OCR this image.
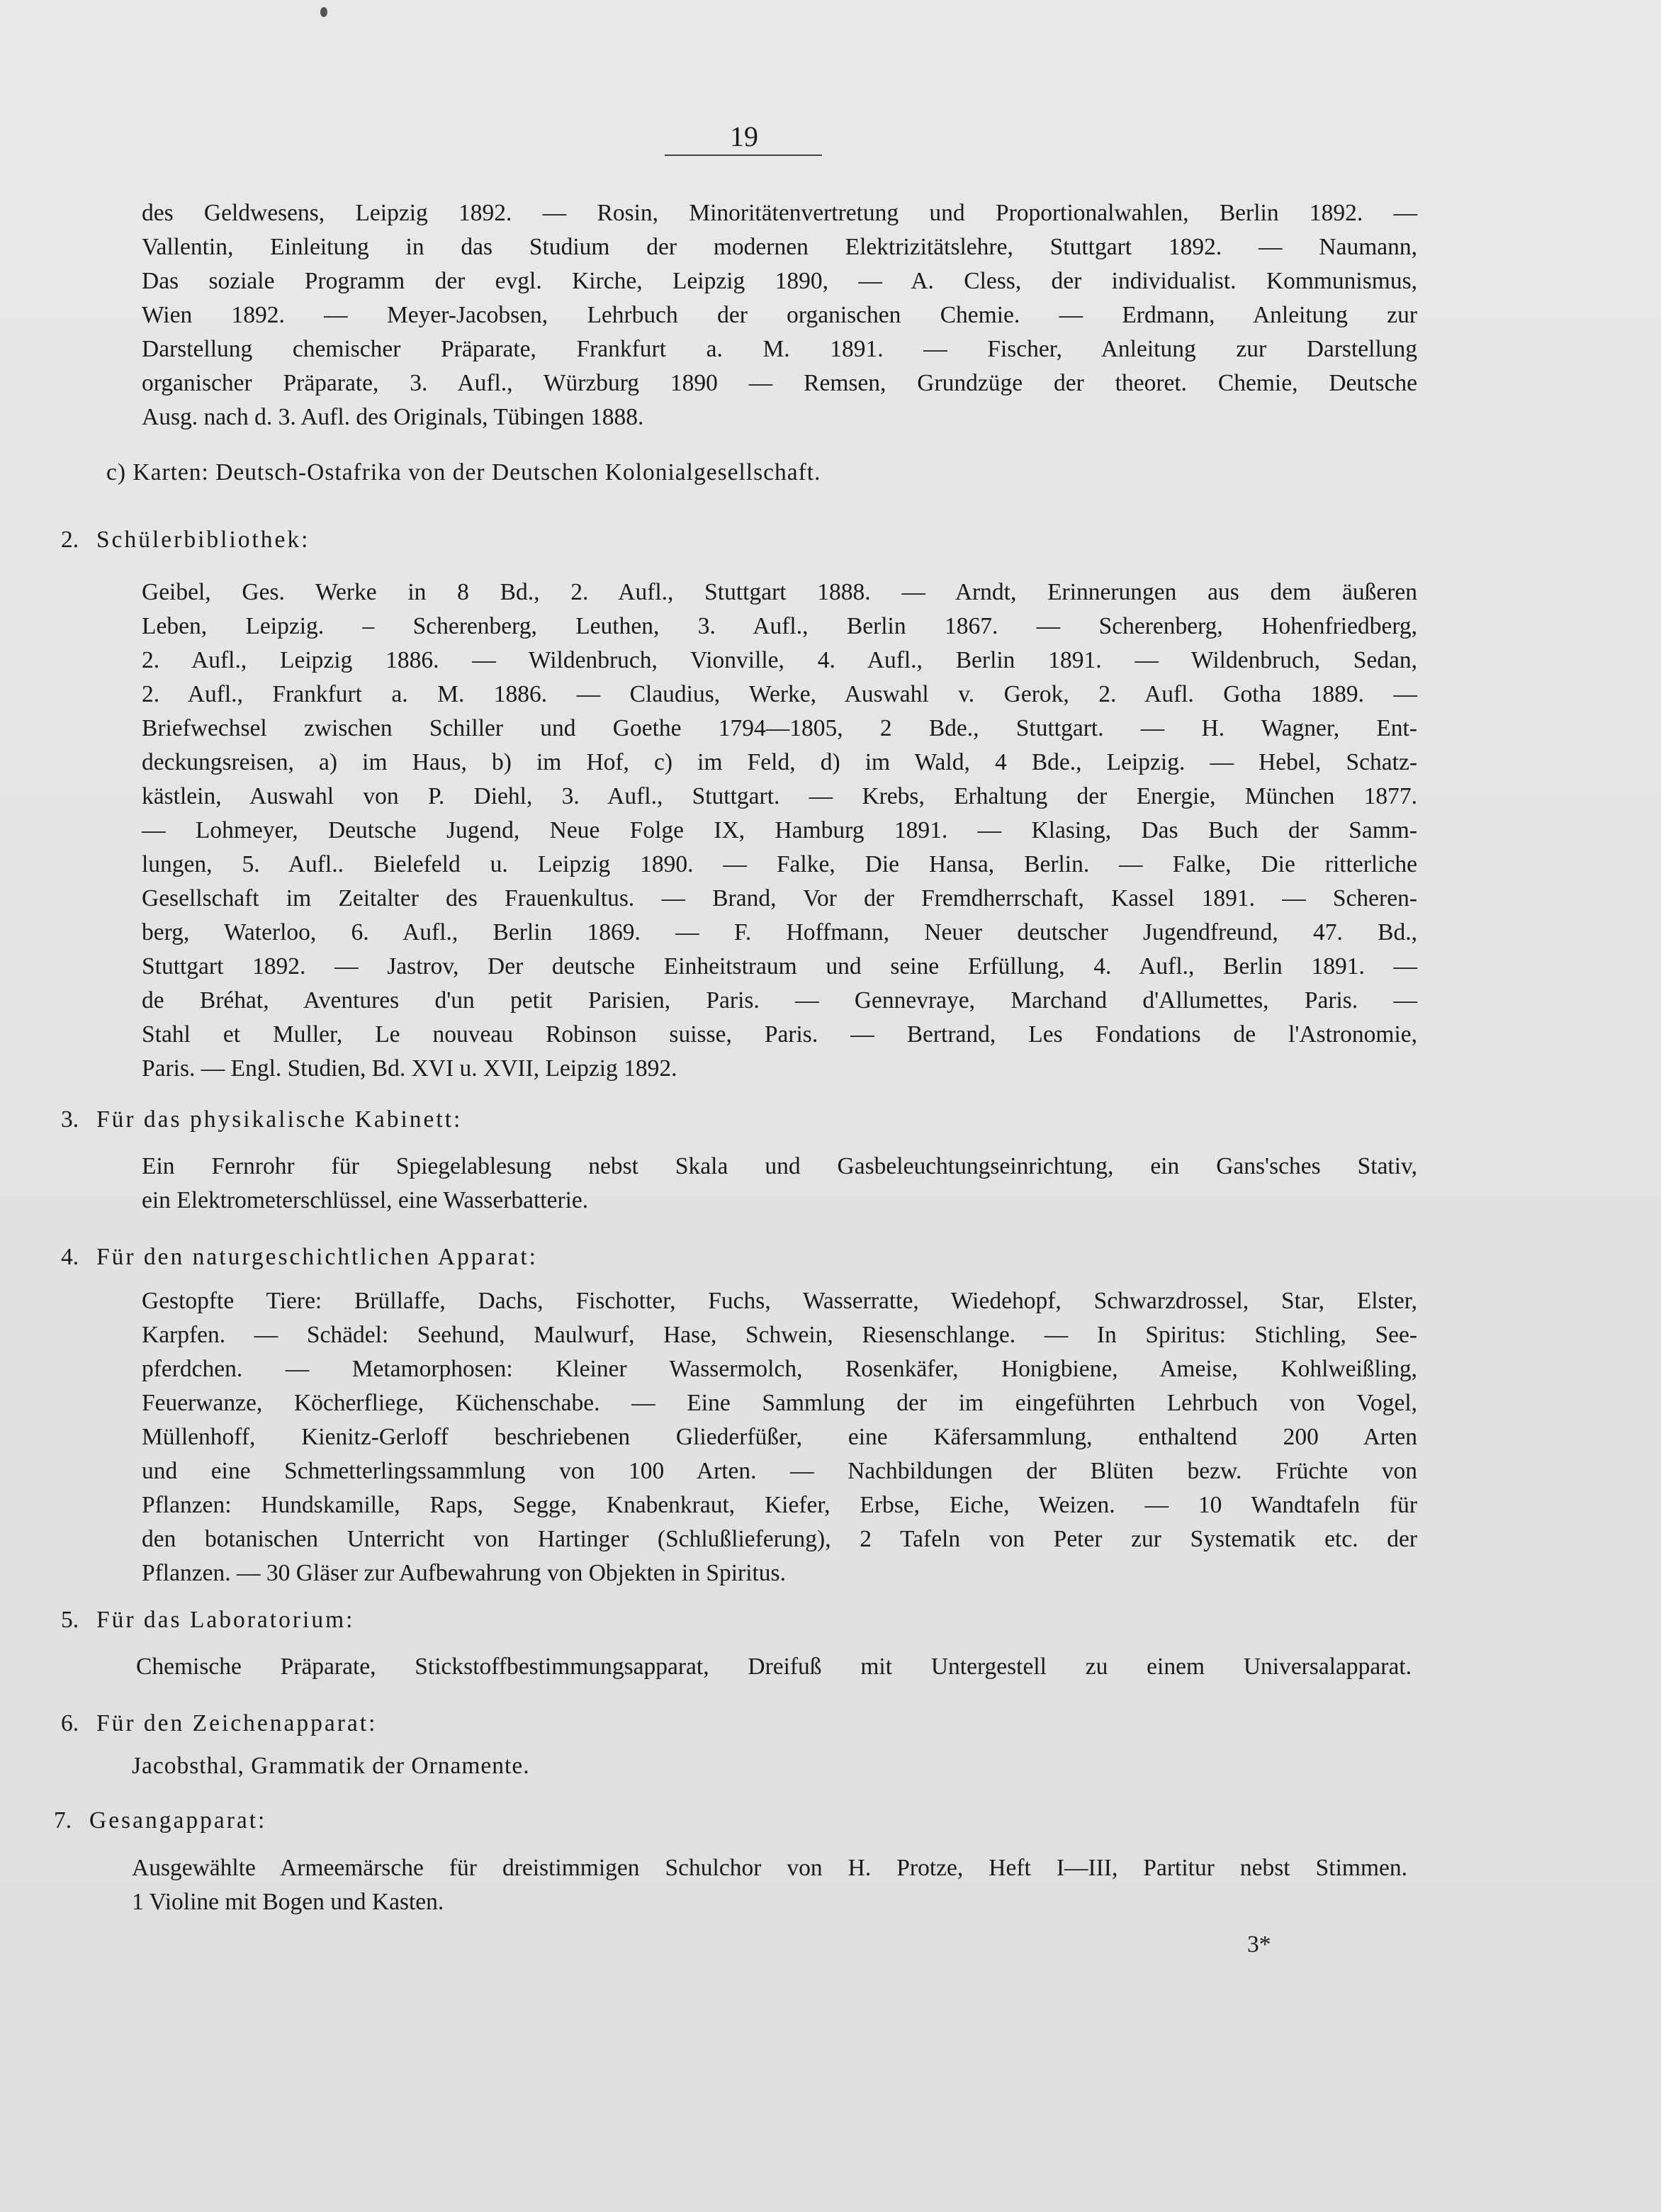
19
des Geldwesens, Leipzig 1892. — Rosin, Minoritätenvertretung und Proportionalwahlen, Berlin 1892. —
Vallentin, Einleitung in das Studium der modernen Elektrizitätslehre, Stuttgart 1892. — Naumann,
Das soziale Programm der evgl. Kirche, Leipzig 1890, — A. Cless, der individualist. Kommunismus,
Wien 1892. — Meyer-Jacobsen, Lehrbuch der organischen Chemie. — Erdmann, Anleitung zur
Darstellung chemischer Präparate, Frankfurt a. M. 1891. — Fischer, Anleitung zur Darstellung
organischer Präparate, 3. Aufl., Würzburg 1890 — Remsen, Grundzüge der theoret. Chemie, Deutsche
Ausg. nach d. 3. Aufl. des Originals, Tübingen 1888.
c) Karten: Deutsch-Ostafrika von der Deutschen Kolonialgesellschaft.
2. Schülerbibliothek:
Geibel, Ges. Werke in 8 Bd., 2. Aufl., Stuttgart 1888. — Arndt, Erinnerungen aus dem äußeren
Leben, Leipzig. – Scherenberg, Leuthen, 3. Aufl., Berlin 1867. — Scherenberg, Hohenfriedberg,
2. Aufl., Leipzig 1886. — Wildenbruch, Vionville, 4. Aufl., Berlin 1891. — Wildenbruch, Sedan,
2. Aufl., Frankfurt a. M. 1886. — Claudius, Werke, Auswahl v. Gerok, 2. Aufl. Gotha 1889. —
Briefwechsel zwischen Schiller und Goethe 1794—1805, 2 Bde., Stuttgart. — H. Wagner, Ent-
deckungsreisen, a) im Haus, b) im Hof, c) im Feld, d) im Wald, 4 Bde., Leipzig. — Hebel, Schatz-
kästlein, Auswahl von P. Diehl, 3. Aufl., Stuttgart. — Krebs, Erhaltung der Energie, München 1877.
— Lohmeyer, Deutsche Jugend, Neue Folge IX, Hamburg 1891. — Klasing, Das Buch der Samm-
lungen, 5. Aufl.. Bielefeld u. Leipzig 1890. — Falke, Die Hansa, Berlin. — Falke, Die ritterliche
Gesellschaft im Zeitalter des Frauenkultus. — Brand, Vor der Fremdherrschaft, Kassel 1891. — Scheren-
berg, Waterloo, 6. Aufl., Berlin 1869. — F. Hoffmann, Neuer deutscher Jugendfreund, 47. Bd.,
Stuttgart 1892. — Jastrov, Der deutsche Einheitstraum und seine Erfüllung, 4. Aufl., Berlin 1891. —
de Bréhat, Aventures d'un petit Parisien, Paris. — Gennevraye, Marchand d'Allumettes, Paris. —
Stahl et Muller, Le nouveau Robinson suisse, Paris. — Bertrand, Les Fondations de l'Astronomie,
Paris. — Engl. Studien, Bd. XVI u. XVII, Leipzig 1892.
3. Für das physikalische Kabinett:
Ein Fernrohr für Spiegelablesung nebst Skala und Gasbeleuchtungseinrichtung, ein Gans'sches Stativ,
ein Elektrometerschlüssel, eine Wasserbatterie.
4. Für den naturgeschichtlichen Apparat:
Gestopfte Tiere: Brüllaffe, Dachs, Fischotter, Fuchs, Wasserratte, Wiedehopf, Schwarzdrossel, Star, Elster,
Karpfen. — Schädel: Seehund, Maulwurf, Hase, Schwein, Riesenschlange. — In Spiritus: Stichling, See-
pferdchen. — Metamorphosen: Kleiner Wassermolch, Rosenkäfer, Honigbiene, Ameise, Kohlweißling,
Feuerwanze, Köcherfliege, Küchenschabe. — Eine Sammlung der im eingeführten Lehrbuch von Vogel,
Müllenhoff, Kienitz-Gerloff beschriebenen Gliederfüßer, eine Käfersammlung, enthaltend 200 Arten
und eine Schmetterlingssammlung von 100 Arten. — Nachbildungen der Blüten bezw. Früchte von
Pflanzen: Hundskamille, Raps, Segge, Knabenkraut, Kiefer, Erbse, Eiche, Weizen. — 10 Wandtafeln für
den botanischen Unterricht von Hartinger (Schlußlieferung), 2 Tafeln von Peter zur Systematik etc. der
Pflanzen. — 30 Gläser zur Aufbewahrung von Objekten in Spiritus.
5. Für das Laboratorium:
Chemische Präparate, Stickstoffbestimmungsapparat, Dreifuß mit Untergestell zu einem Universalapparat.
6. Für den Zeichenapparat:
Jacobsthal, Grammatik der Ornamente.
7. Gesangapparat:
Ausgewählte Armeemärsche für dreistimmigen Schulchor von H. Protze, Heft I—III, Partitur nebst Stimmen.
1 Violine mit Bogen und Kasten.
3*
